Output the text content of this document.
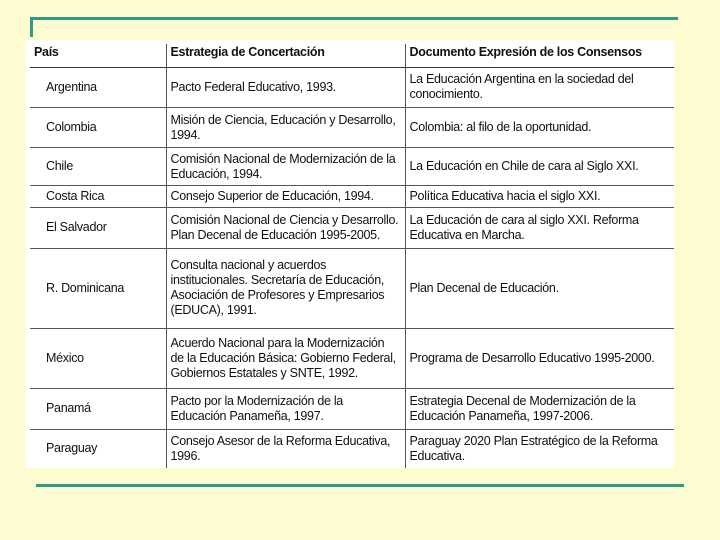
País	Estrategia de Concertación	Documento Expresión de los Consensos
Argentina	Pacto Federal Educativo, 1993.	La Educación Argentina en la sociedad del conocimiento.
Colombia	Misión de Ciencia, Educación y Desarrollo, 1994.	Colombia: al filo de la oportunidad.
Chile	Comisión Nacional de Modernización de la Educación, 1994.	La Educación en Chile de cara al Siglo XXI.
Costa Rica	Consejo Superior de Educación, 1994.	Política Educativa hacia el siglo XXI.
El Salvador	Comisión Nacional de Ciencia y Desarrollo. Plan Decenal de Educación 1995-2005.	La Educación de cara al siglo XXI. Reforma Educativa en Marcha.
R. Dominicana	Consulta nacional y acuerdos institucionales. Secretaría de Educación, Asociación de Profesores y Empresarios (EDUCA), 1991.	Plan Decenal de Educación.
México	Acuerdo Nacional para la Modernización de la Educación Básica: Gobierno Federal, Gobiernos Estatales y SNTE, 1992.	Programa de Desarrollo Educativo 1995-2000.
Panamá	Pacto por la Modernización de la Educación Panameña, 1997.	Estrategia Decenal de Modernización de la Educación Panameña, 1997-2006.
Paraguay	Consejo Asesor de la Reforma Educativa, 1996.	Paraguay 2020 Plan Estratégico de la Reforma Educativa.
